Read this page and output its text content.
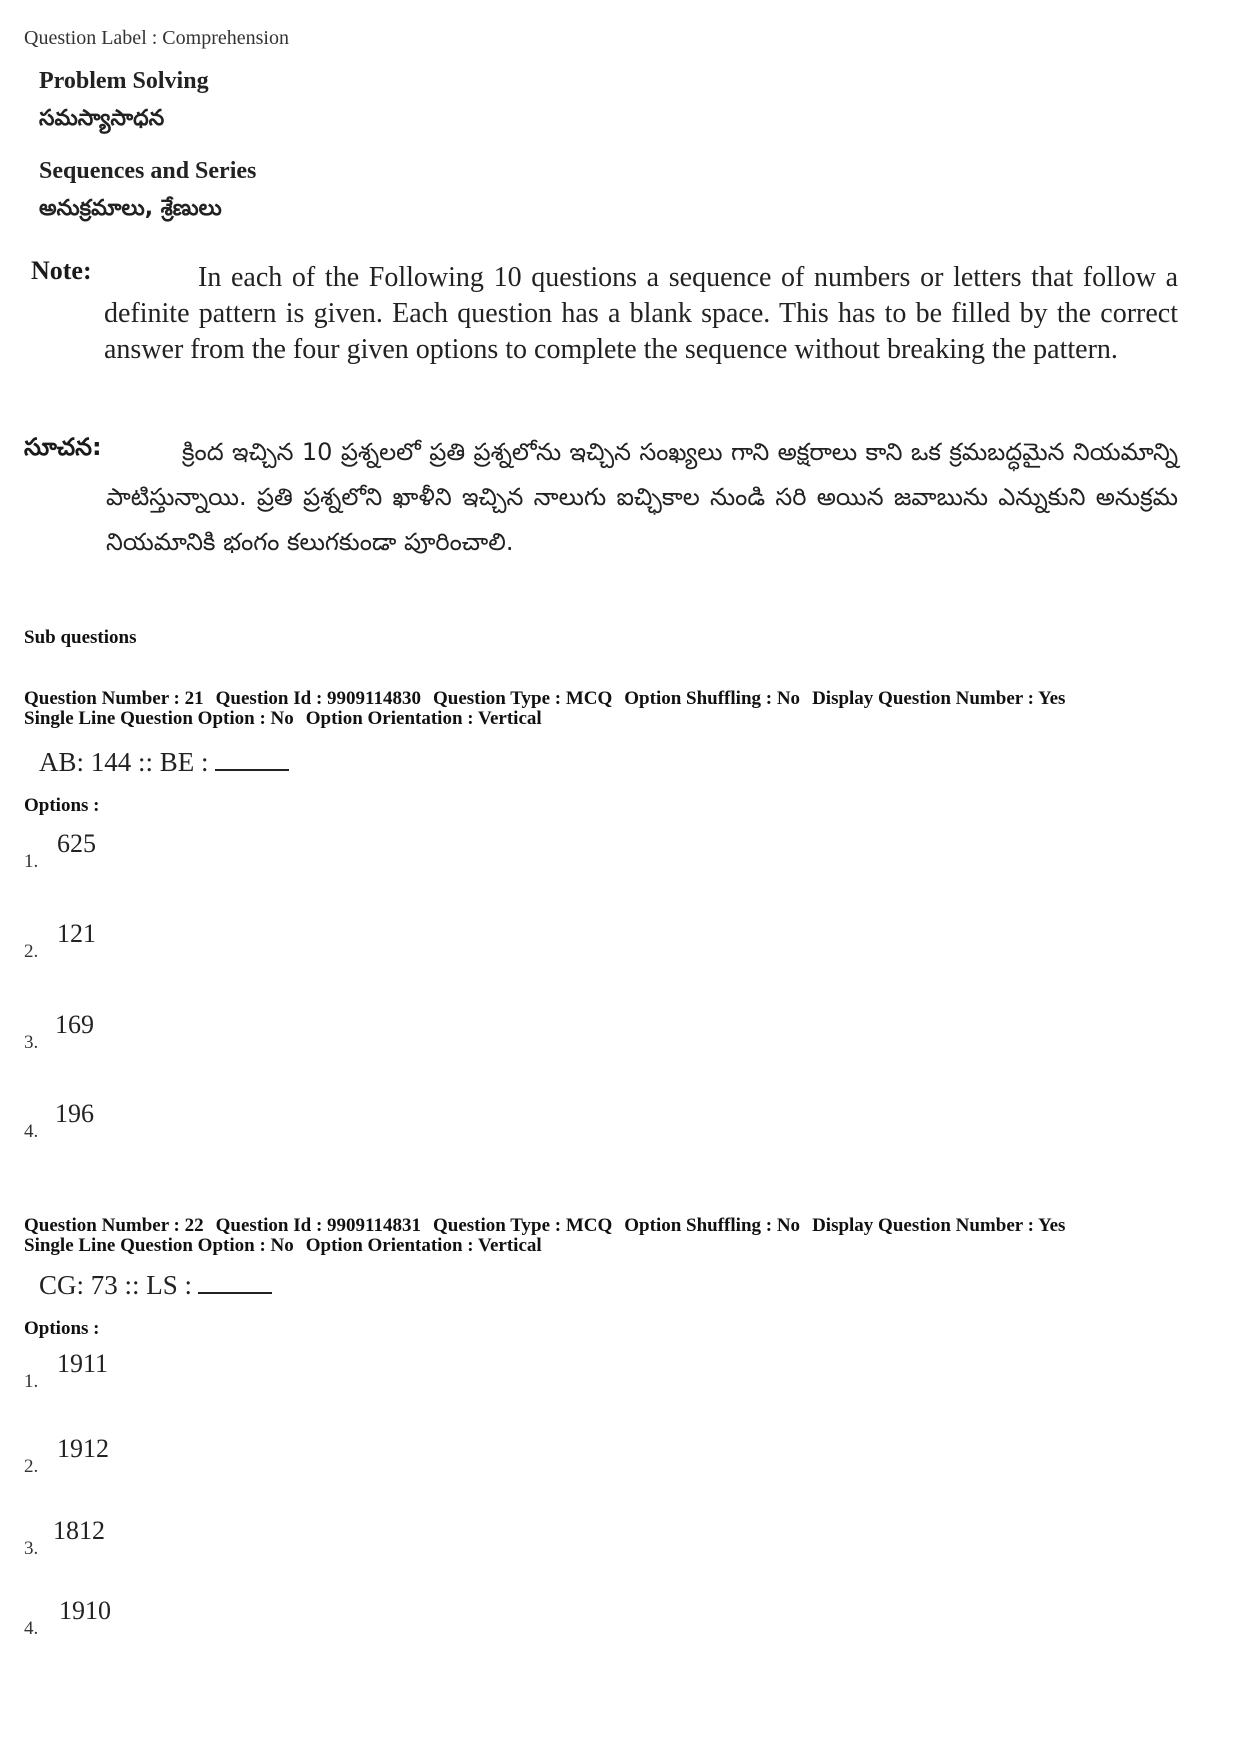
Question Label : Comprehension
Problem Solving
సమస్యాసాధన
Sequences and Series
అనుక్రమాలు, శ్రేణులు
Note:	In each of the Following 10 questions a sequence of numbers or letters that follow a definite pattern is given. Each question has a blank space. This has to be filled by the correct answer from the four given options to complete the sequence without breaking the pattern.
సూచన:	క్రింద ఇచ్చిన 10 ప్రశ్నలలో ప్రతి ప్రశ్నలోను ఇచ్చిన సంఖ్యలు గాని అక్షరాలు కాని ఒక క్రమబద్ధమైన నియమాన్ని పాటిస్తున్నాయి. ప్రతి ప్రశ్నలోని ఖాళీని ఇచ్చిన నాలుగు ఐచ్ఛికాల నుండి సరి అయిన జవాబును ఎన్నుకుని అనుక్రమ నియమానికి భంగం కలుగకుండా పూరించాలి.
Sub questions
Question Number : 21 Question Id : 9909114830 Question Type : MCQ Option Shuffling : No Display Question Number : Yes
Single Line Question Option : No Option Orientation : Vertical
AB: 144 :: BE :
Options :
1.
625
2.
121
3.
169
4.
196
Question Number : 22 Question Id : 9909114831 Question Type : MCQ Option Shuffling : No Display Question Number : Yes
Single Line Question Option : No Option Orientation : Vertical
CG: 73 :: LS :
Options :
1.
1911
2.
1912
3.
1812
4.
1910
